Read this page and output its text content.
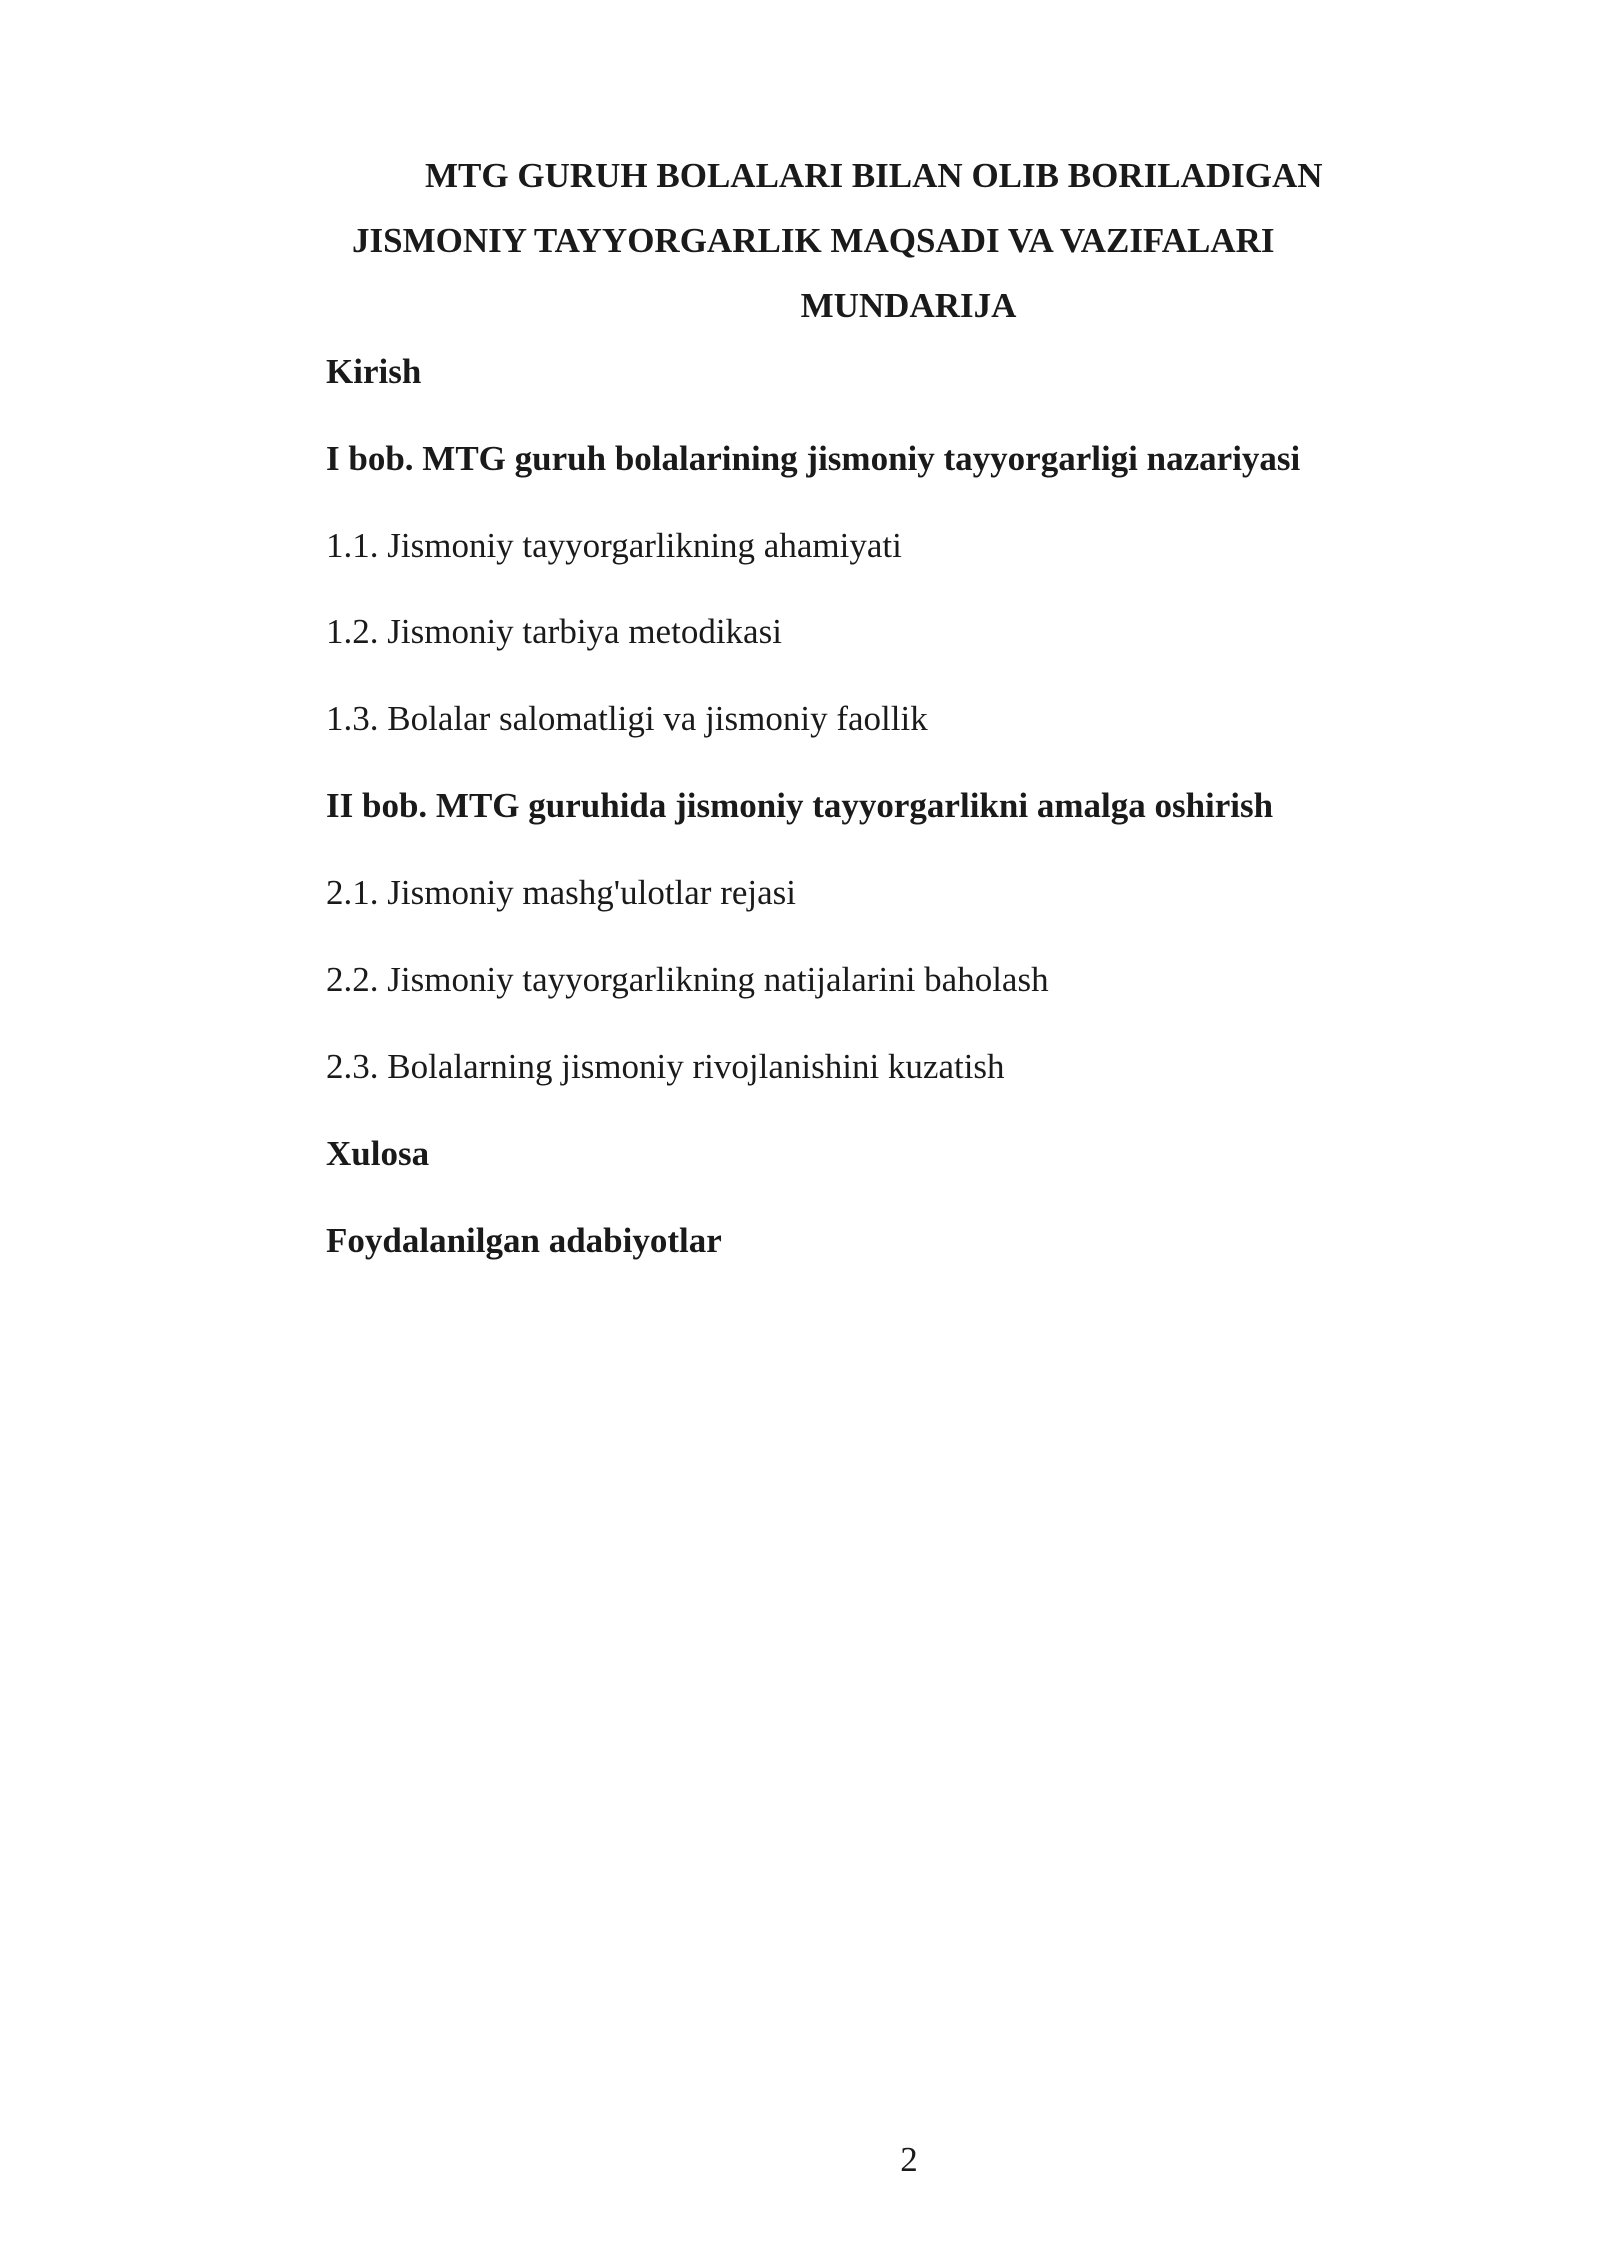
MTG GURUH BOLALARI BILAN OLIB BORILADIGAN

JISMONIY TAYYORGARLIK MAQSADI VA VAZIFALARI

MUNDARIJA

Kirish

I bob. MTG guruh bolalarining jismoniy tayyorgarligi nazariyasi

1.1. Jismoniy tayyorgarlikning ahamiyati

1.2. Jismoniy tarbiya metodikasi

1.3. Bolalar salomatligi va jismoniy faollik

II bob. MTG guruhida jismoniy tayyorgarlikni amalga oshirish

2.1. Jismoniy mashg'ulotlar rejasi

2.2. Jismoniy tayyorgarlikning natijalarini baholash

2.3. Bolalarning jismoniy rivojlanishini kuzatish

Xulosa

Foydalanilgan adabiyotlar

2
